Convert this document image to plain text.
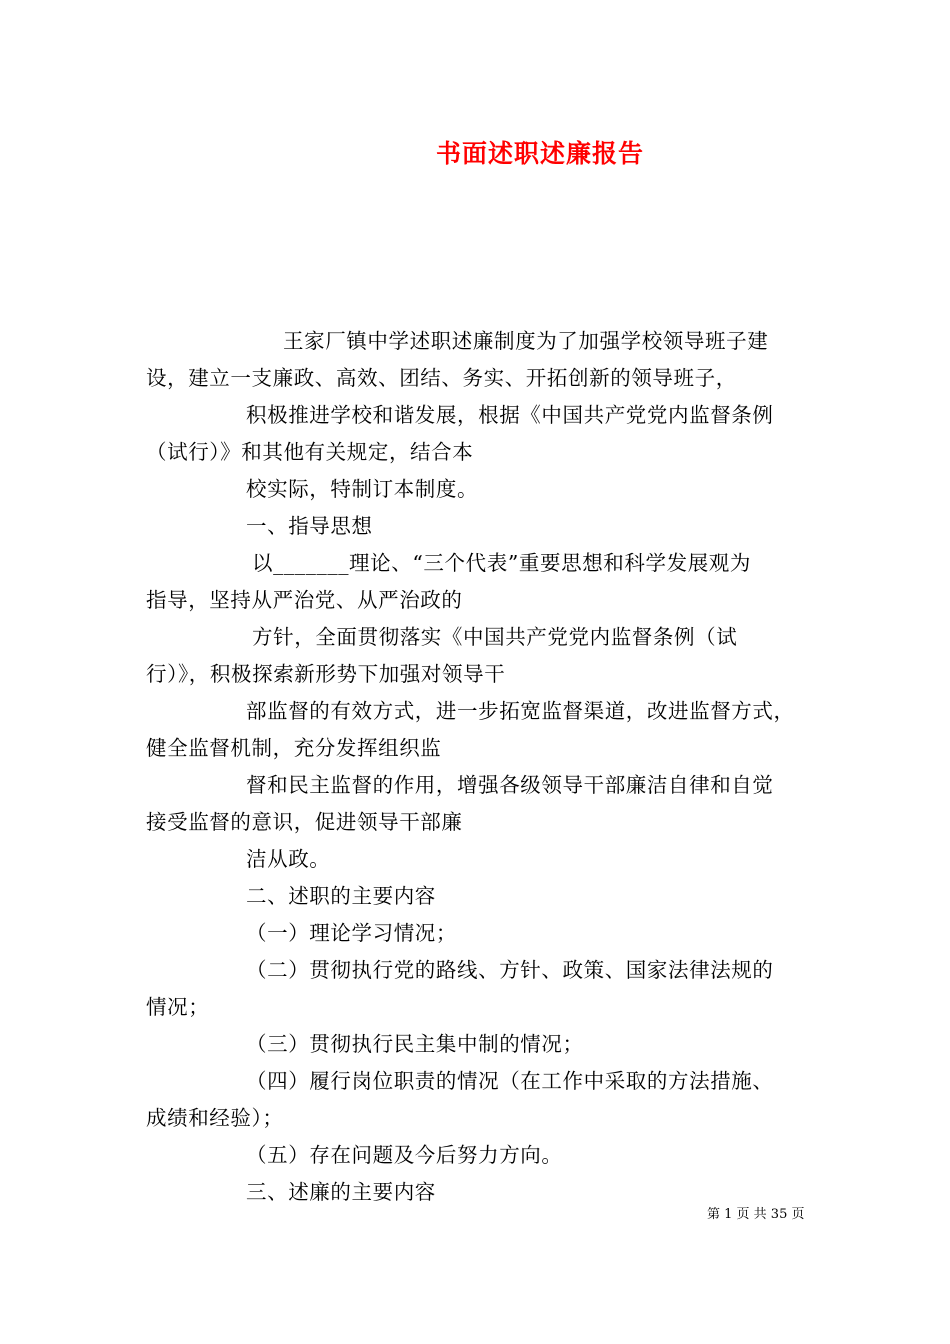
书面述职述廉报告
王家厂镇中学述职述廉制度为了加强学校领导班子建
设，建立一支廉政、高效、团结、务实、开拓创新的领导班子，
积极推进学校和谐发展，根据《中国共产党党内监督条例
（试行）》和其他有关规定，结合本
校实际，特制订本制度。
一、指导思想
以_______理论、“三个代表”重要思想和科学发展观为
指导，坚持从严治党、从严治政的
方针，全面贯彻落实《中国共产党党内监督条例（试
行）》，积极探索新形势下加强对领导干
部监督的有效方式，进一步拓宽监督渠道，改进监督方式，
健全监督机制，充分发挥组织监
督和民主监督的作用，增强各级领导干部廉洁自律和自觉
接受监督的意识，促进领导干部廉
洁从政。
二、述职的主要内容
（一）理论学习情况；
（二）贯彻执行党的路线、方针、政策、国家法律法规的
情况；
（三）贯彻执行民主集中制的情况；
（四）履行岗位职责的情况（在工作中采取的方法措施、
成绩和经验）；
（五）存在问题及今后努力方向。
三、述廉的主要内容
第 1 页 共 35 页
